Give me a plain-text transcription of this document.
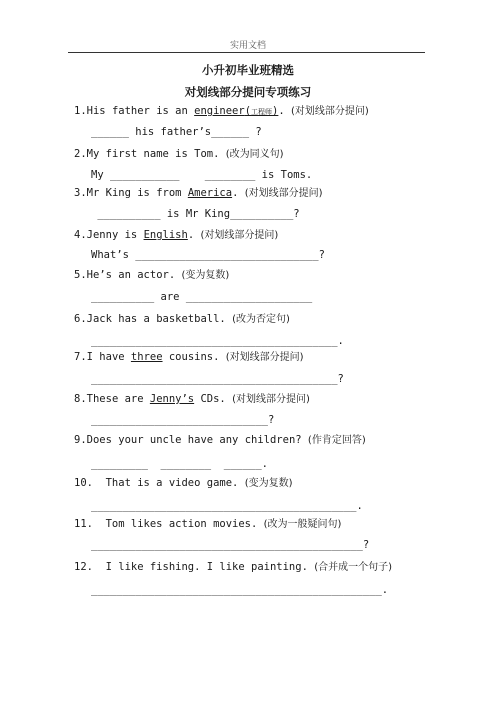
实用文档
小升初毕业班精选
对划线部分提问专项练习
1.His father is an engineer(工程师). (对划线部分提问)
______ his father’s______ ?
2.My first name is Tom. (改为同义句)
My ___________    ________ is Toms.
3.Mr King is from America. (对划线部分提问)
__________ is Mr King__________?
4.Jenny is English. (对划线部分提问)
What’s _____________________________?
5.He’s an actor. (变为复数)
__________ are ____________________
6.Jack has a basketball. (改为否定句)
_______________________________________.
7.I have three cousins. (对划线部分提问)
_______________________________________?
8.These are Jenny’s CDs. (对划线部分提问)
____________________________?
9.Does your uncle have any children? (作肯定回答)
_________  ________  ______.
10.  That is a video game. (变为复数)
__________________________________________.
11.  Tom likes action movies. (改为一般疑问句)
___________________________________________?
12.  I like fishing. I like painting. (合并成一个句子)
______________________________________________.
